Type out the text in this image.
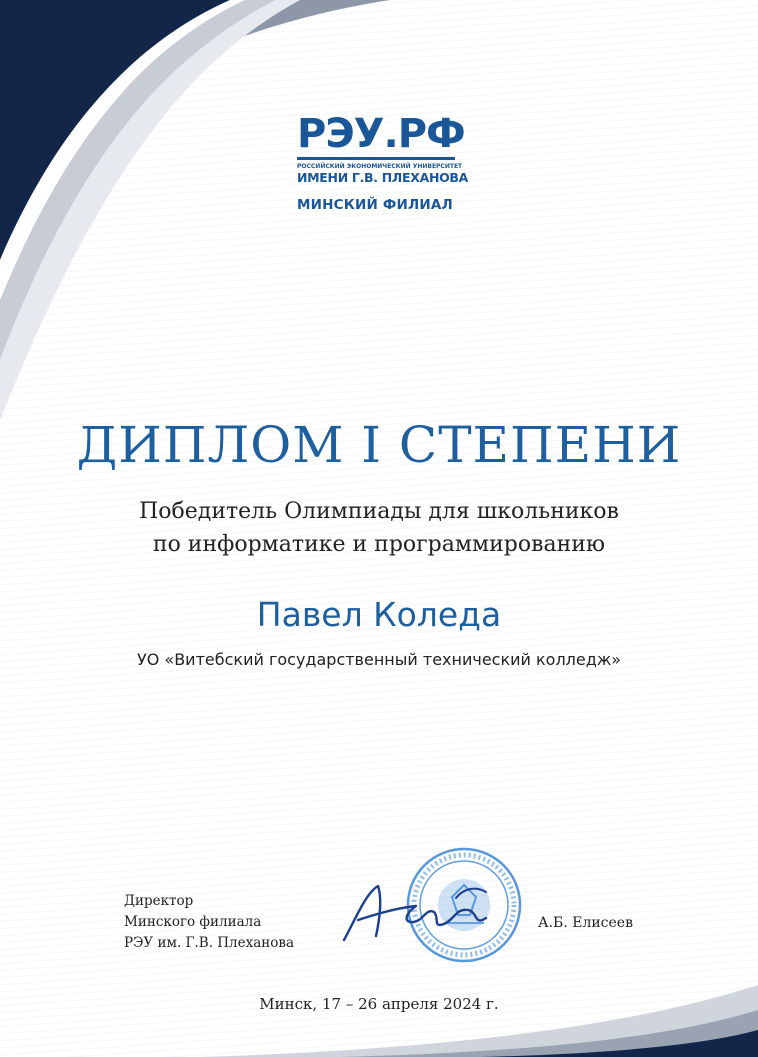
РЭУ.РФ
РОССИЙСКИЙ ЭКОНОМИЧЕСКИЙ УНИВЕРСИТЕТ
ИМЕНИ Г.В. ПЛЕХАНОВА
МИНСКИЙ ФИЛИАЛ
ДИПЛОМ I СТЕПЕНИ
Победитель Олимпиады для школьников
по информатике и программированию
Павел Коледа
УО «Витебский государственный технический колледж»
Директор
Минского филиала
РЭУ им. Г.В. Плеханова
А.Б. Елисеев
Минск, 17 – 26 апреля 2024 г.
